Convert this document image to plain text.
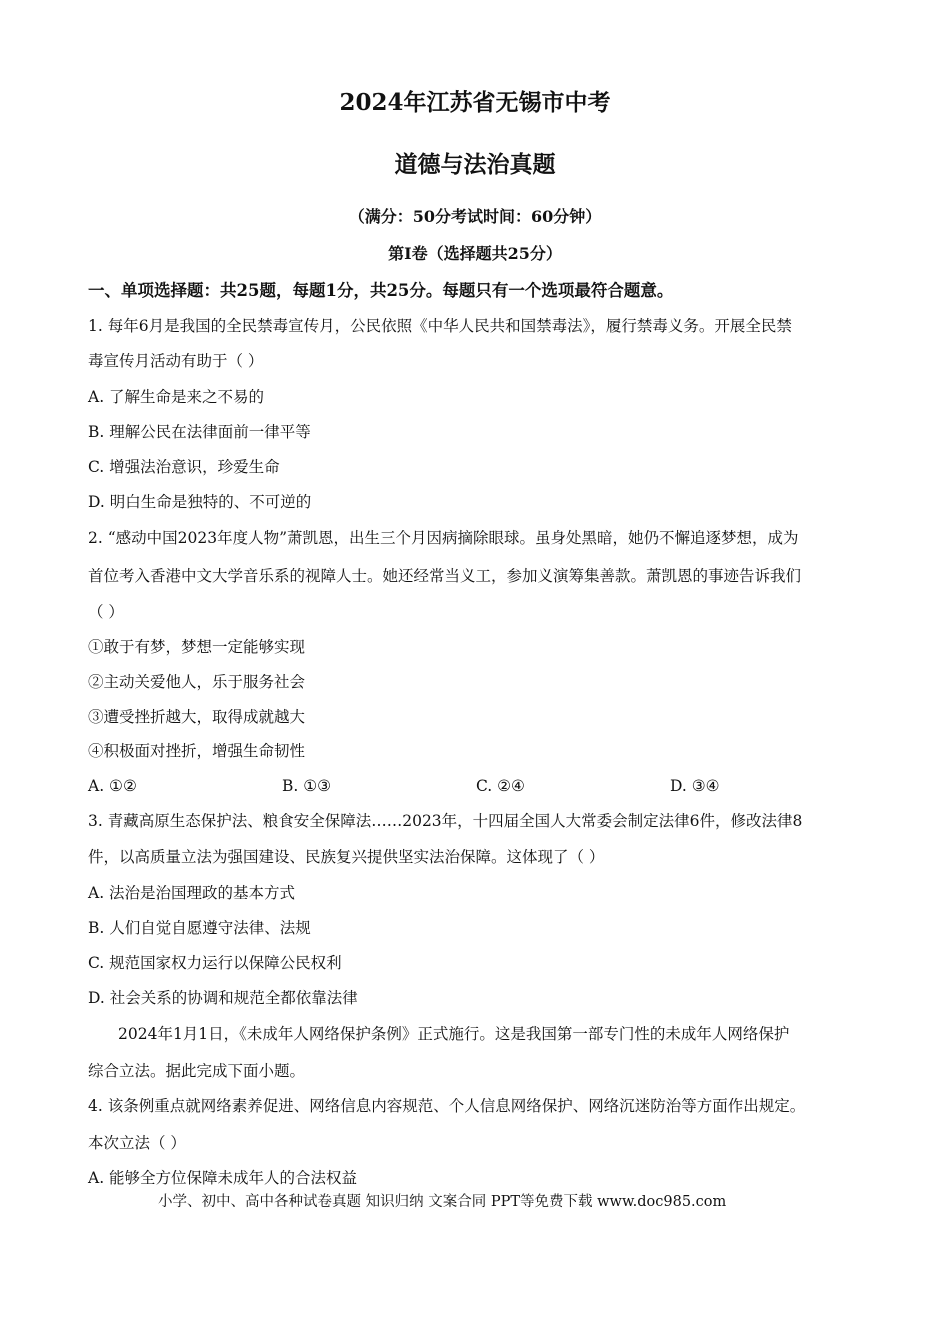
2024年江苏省无锡市中考
道德与法治真题
（满分：50分考试时间：60分钟）
第Ⅰ卷（选择题共25分）
一、单项选择题：共25题，每题1分，共25分。每题只有一个选项最符合题意。
1. 每年6月是我国的全民禁毒宣传月，公民依照《中华人民共和国禁毒法》，履行禁毒义务。开展全民禁
毒宣传月活动有助于（ ）
A. 了解生命是来之不易的
B. 理解公民在法律面前一律平等
C. 增强法治意识，珍爱生命
D. 明白生命是独特的、不可逆的
2. “感动中国2023年度人物”萧凯恩，出生三个月因病摘除眼球。虽身处黑暗，她仍不懈追逐梦想，成为
首位考入香港中文大学音乐系的视障人士。她还经常当义工，参加义演筹集善款。萧凯恩的事迹告诉我们
（ ）
①敢于有梦，梦想一定能够实现
②主动关爱他人，乐于服务社会
③遭受挫折越大，取得成就越大
④积极面对挫折，增强生命韧性
A. ①②	B. ①③	C. ②④	D. ③④
3. 青藏高原生态保护法、粮食安全保障法……2023年，十四届全国人大常委会制定法律6件，修改法律8
件，以高质量立法为强国建设、民族复兴提供坚实法治保障。这体现了（ ）
A. 法治是治国理政的基本方式
B. 人们自觉自愿遵守法律、法规
C. 规范国家权力运行以保障公民权利
D. 社会关系的协调和规范全都依靠法律
2024年1月1日，《未成年人网络保护条例》正式施行。这是我国第一部专门性的未成年人网络保护
综合立法。据此完成下面小题。
4. 该条例重点就网络素养促进、网络信息内容规范、个人信息网络保护、网络沉迷防治等方面作出规定。
本次立法（ ）
A. 能够全方位保障未成年人的合法权益
小学、初中、高中各种试卷真题 知识归纳 文案合同 PPT等免费下载 www.doc985.com
